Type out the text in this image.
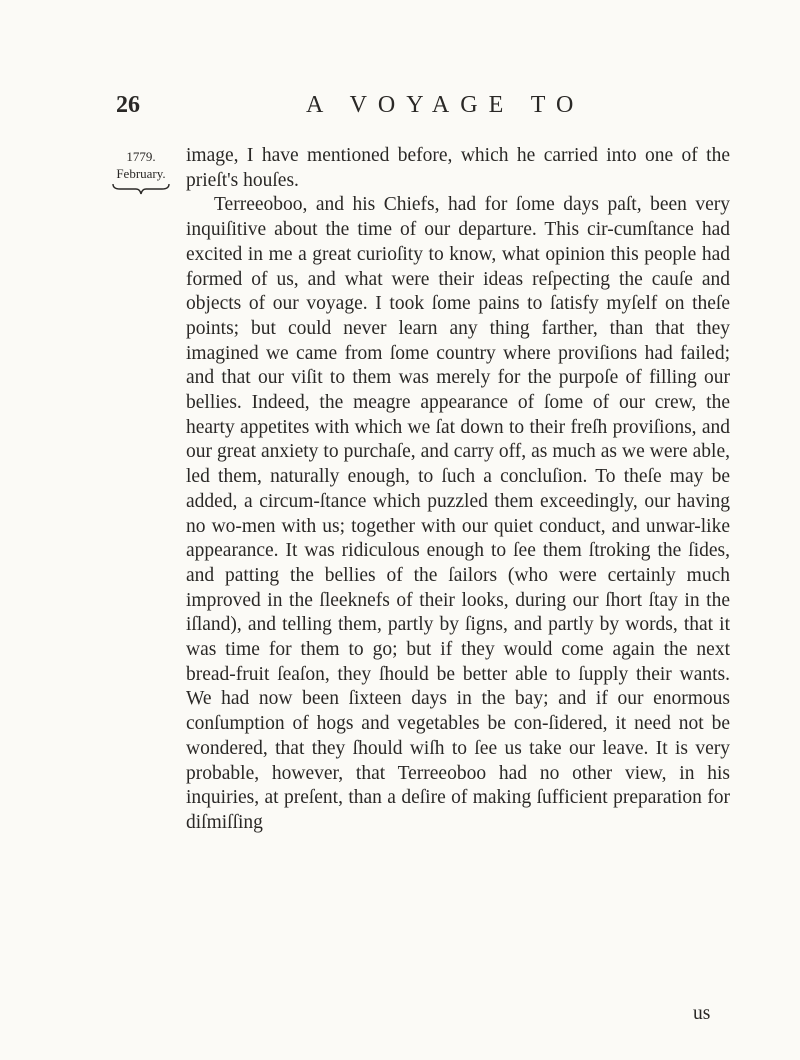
26	A VOYAGE TO
1779.
February.

image, I have mentioned before, which he carried into one of the prieſt's houſes.

Terreeoboo, and his Chiefs, had for ſome days paſt, been very inquiſitive about the time of our departure. This cir-cumſtance had excited in me a great curioſity to know, what opinion this people had formed of us, and what were their ideas reſpecting the cauſe and objects of our voyage. I took ſome pains to ſatisfy myſelf on theſe points; but could never learn any thing farther, than that they imagined we came from ſome country where proviſions had failed; and that our viſit to them was merely for the purpoſe of filling our bellies. Indeed, the meagre appearance of ſome of our crew, the hearty appetites with which we ſat down to their freſh proviſions, and our great anxiety to purchaſe, and carry off, as much as we were able, led them, naturally enough, to ſuch a concluſion. To theſe may be added, a circum-ſtance which puzzled them exceedingly, our having no wo-men with us; together with our quiet conduct, and unwar-like appearance. It was ridiculous enough to ſee them ſtroking the ſides, and patting the bellies of the ſailors (who were certainly much improved in the ſleeknefs of their looks, during our ſhort ſtay in the iſland), and telling them, partly by ſigns, and partly by words, that it was time for them to go; but if they would come again the next bread-fruit ſeaſon, they ſhould be better able to ſupply their wants. We had now been ſixteen days in the bay; and if our enormous conſumption of hogs and vegetables be con-ſidered, it need not be wondered, that they ſhould wiſh to ſee us take our leave. It is very probable, however, that Terreeoboo had no other view, in his inquiries, at preſent, than a deſire of making ſufficient preparation for diſmiſſing

us
